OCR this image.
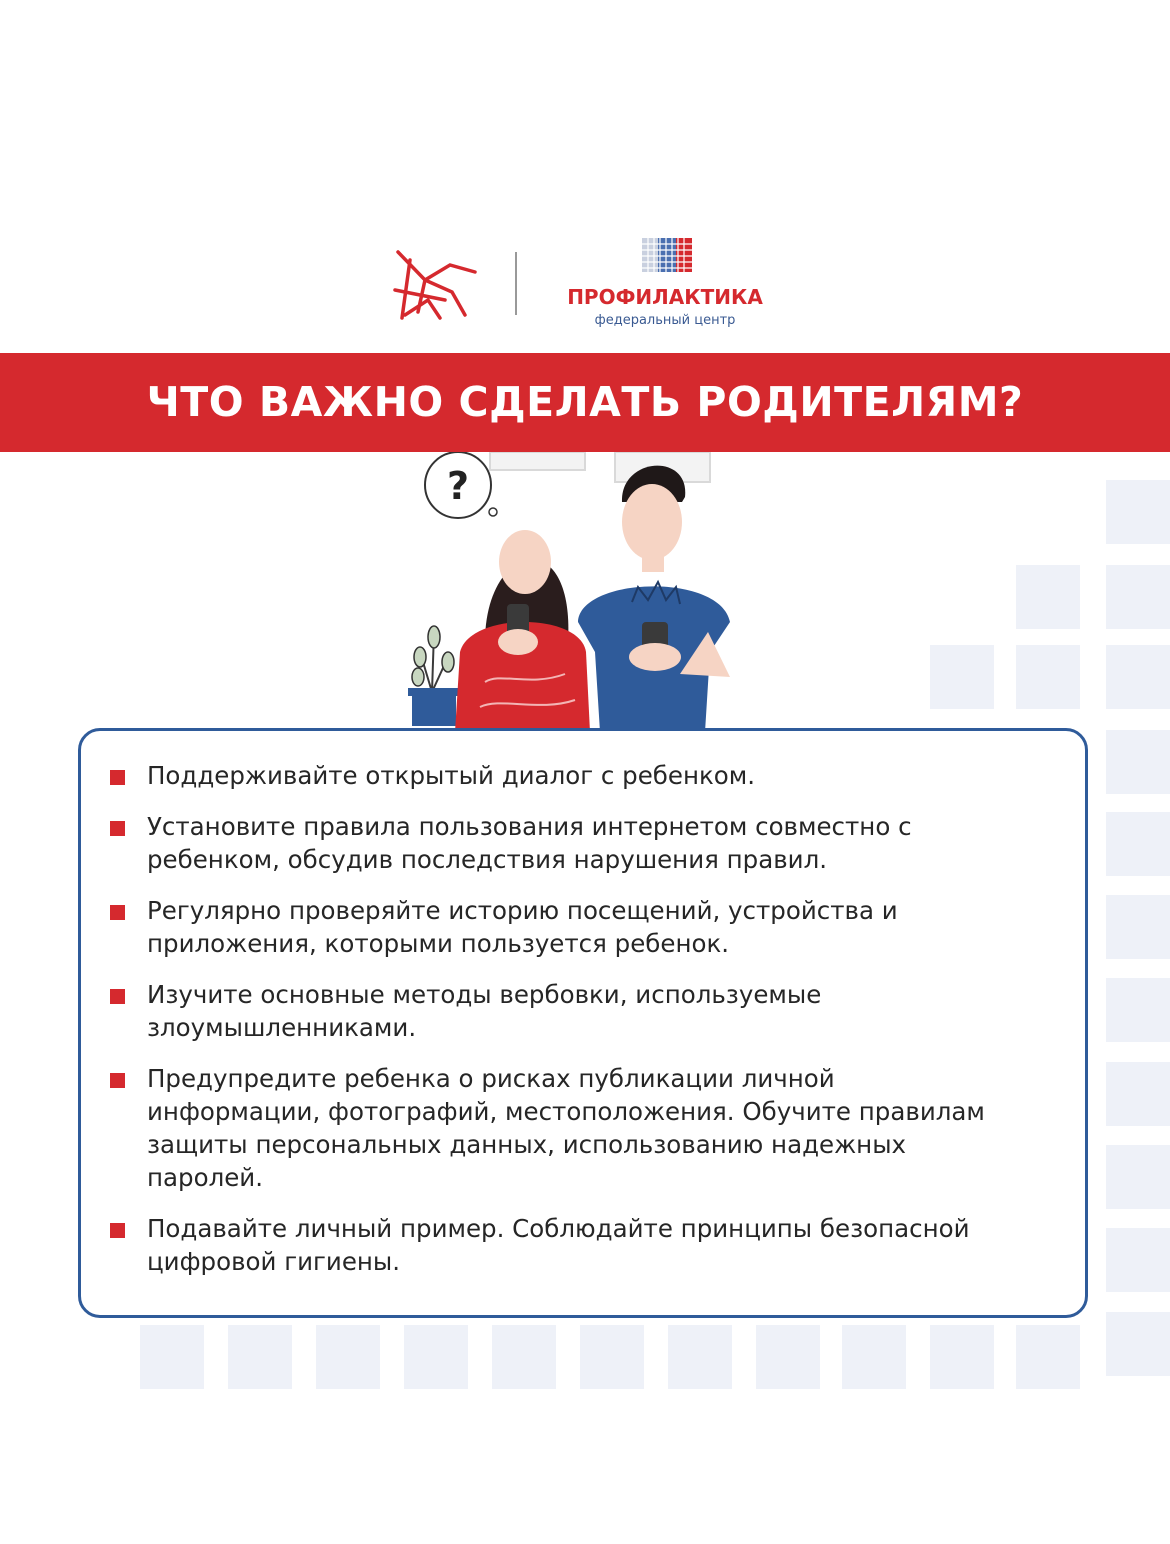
ПРОФИЛАКТИКА
федеральный центр
ЧТО ВАЖНО СДЕЛАТЬ РОДИТЕЛЯМ?
?
Поддерживайте открытый диалог с ребенком.
Установите правила пользования интернетом совместно с ребенком, обсудив последствия нарушения правил.
Регулярно проверяйте историю посещений, устройства и приложения, которыми пользуется ребенок.
Изучите основные методы вербовки, используемые злоумышленниками.
Предупредите ребенка о рисках публикации личной информации, фотографий, местоположения. Обучите правилам защиты персональных данных, использованию надежных паролей.
Подавайте личный пример. Соблюдайте принципы безопасной цифровой гигиены.
